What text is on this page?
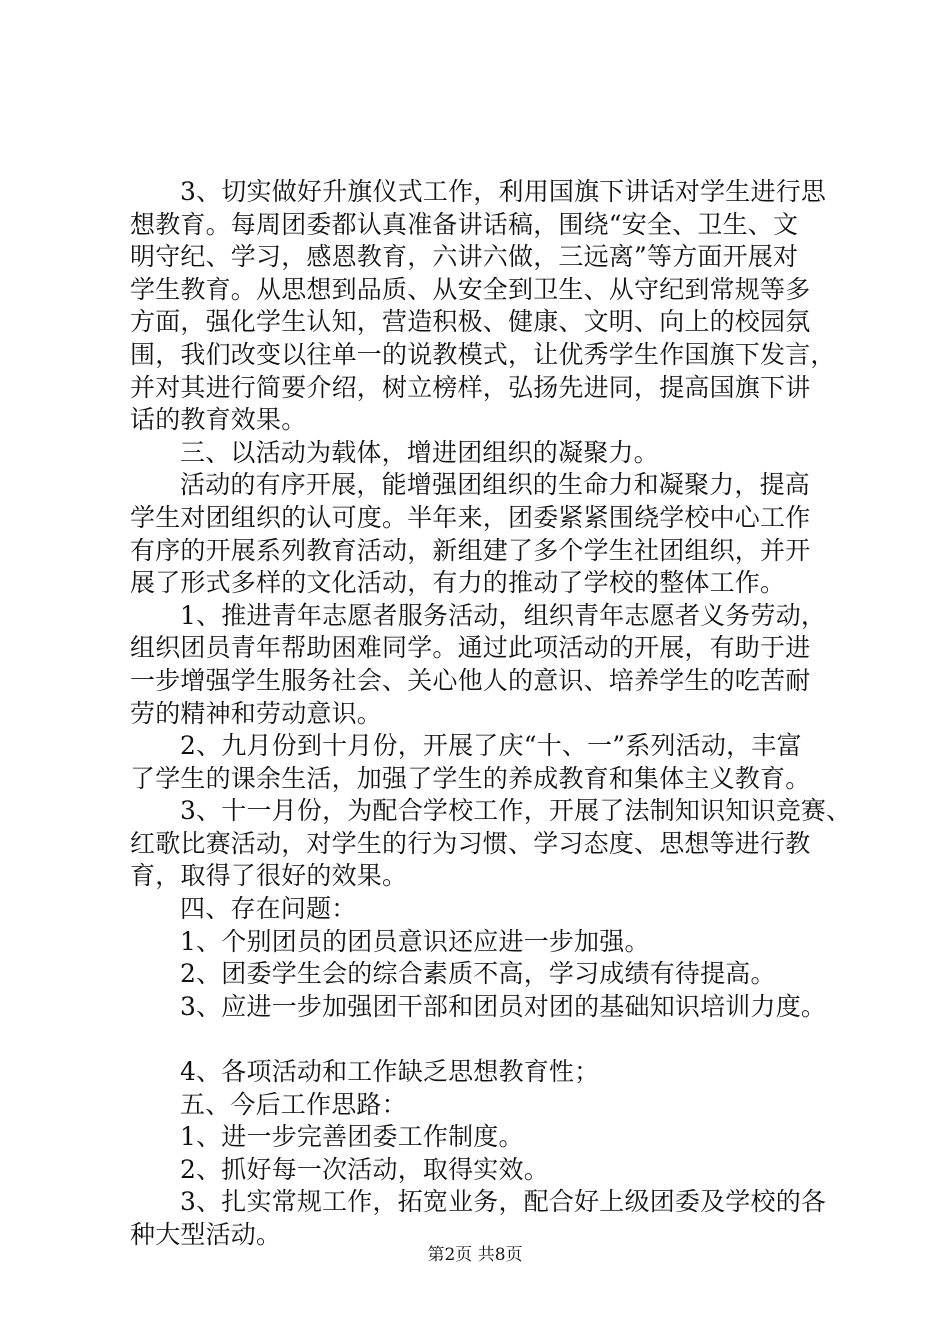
3、切实做好升旗仪式工作，利用国旗下讲话对学生进行思
想教育。每周团委都认真准备讲话稿，围绕“安全、卫生、文
明守纪、学习，感恩教育，六讲六做，三远离”等方面开展对
学生教育。从思想到品质、从安全到卫生、从守纪到常规等多
方面，强化学生认知，营造积极、健康、文明、向上的校园氛
围，我们改变以往单一的说教模式，让优秀学生作国旗下发言，
并对其进行简要介绍，树立榜样，弘扬先进同，提高国旗下讲
话的教育效果。
三、以活动为载体，增进团组织的凝聚力。
活动的有序开展，能增强团组织的生命力和凝聚力，提高
学生对团组织的认可度。半年来，团委紧紧围绕学校中心工作
有序的开展系列教育活动，新组建了多个学生社团组织，并开
展了形式多样的文化活动，有力的推动了学校的整体工作。
1、推进青年志愿者服务活动，组织青年志愿者义务劳动，
组织团员青年帮助困难同学。通过此项活动的开展，有助于进
一步增强学生服务社会、关心他人的意识、培养学生的吃苦耐
劳的精神和劳动意识。
2、九月份到十月份，开展了庆“十、一”系列活动，丰富
了学生的课余生活，加强了学生的养成教育和集体主义教育。
3、十一月份，为配合学校工作，开展了法制知识知识竞赛、
红歌比赛活动，对学生的行为习惯、学习态度、思想等进行教
育，取得了很好的效果。
四、存在问题：
1、个别团员的团员意识还应进一步加强。
2、团委学生会的综合素质不高，学习成绩有待提高。
3、应进一步加强团干部和团员对团的基础知识培训力度。
4、各项活动和工作缺乏思想教育性；
五、今后工作思路：
1、进一步完善团委工作制度。
2、抓好每一次活动，取得实效。
3、扎实常规工作，拓宽业务，配合好上级团委及学校的各
种大型活动。
第2页 共8页
